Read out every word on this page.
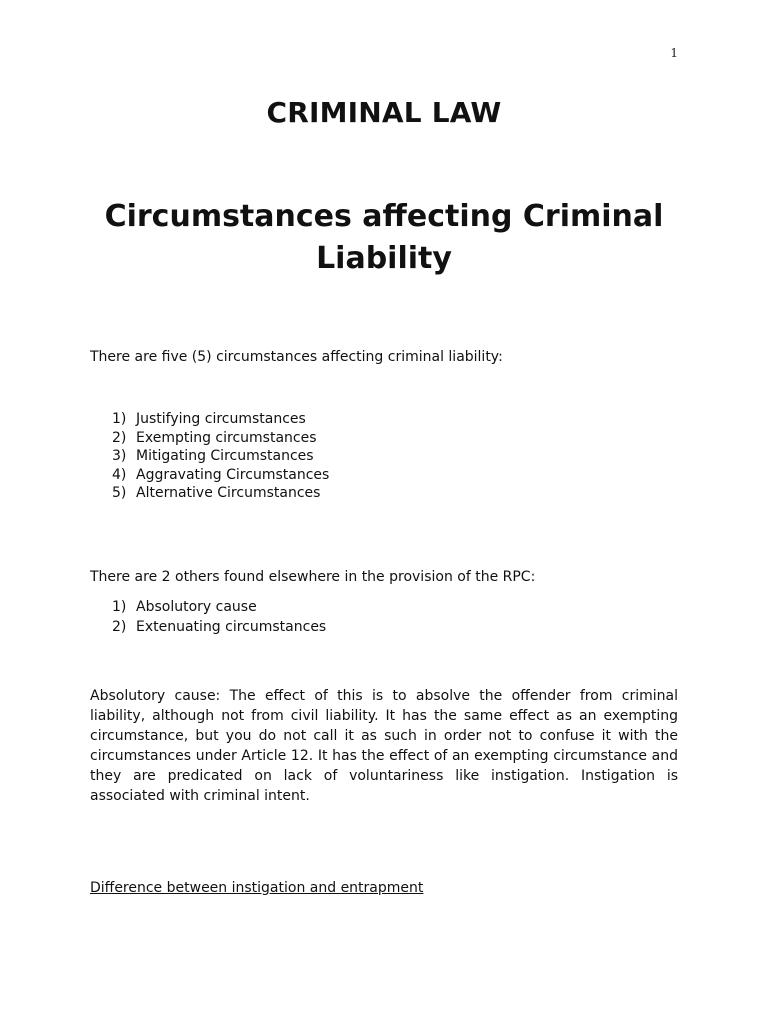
1
CRIMINAL LAW
Circumstances affecting Criminal Liability
There are five (5) circumstances affecting criminal liability:
1) Justifying circumstances
2) Exempting circumstances
3) Mitigating Circumstances
4) Aggravating Circumstances
5) Alternative Circumstances
There are 2 others found elsewhere in the provision of the RPC:
1) Absolutory cause
2) Extenuating circumstances

Absolutory cause: The effect of this is to absolve the offender from criminal liability, although not from civil liability. It has the same effect as an exempting circumstance, but you do not call it as such in order not to confuse it with the circumstances under Article 12. It has the effect of an exempting circumstance and they are predicated on lack of voluntariness like instigation. Instigation is associated with criminal intent.

Difference between instigation and entrapment
